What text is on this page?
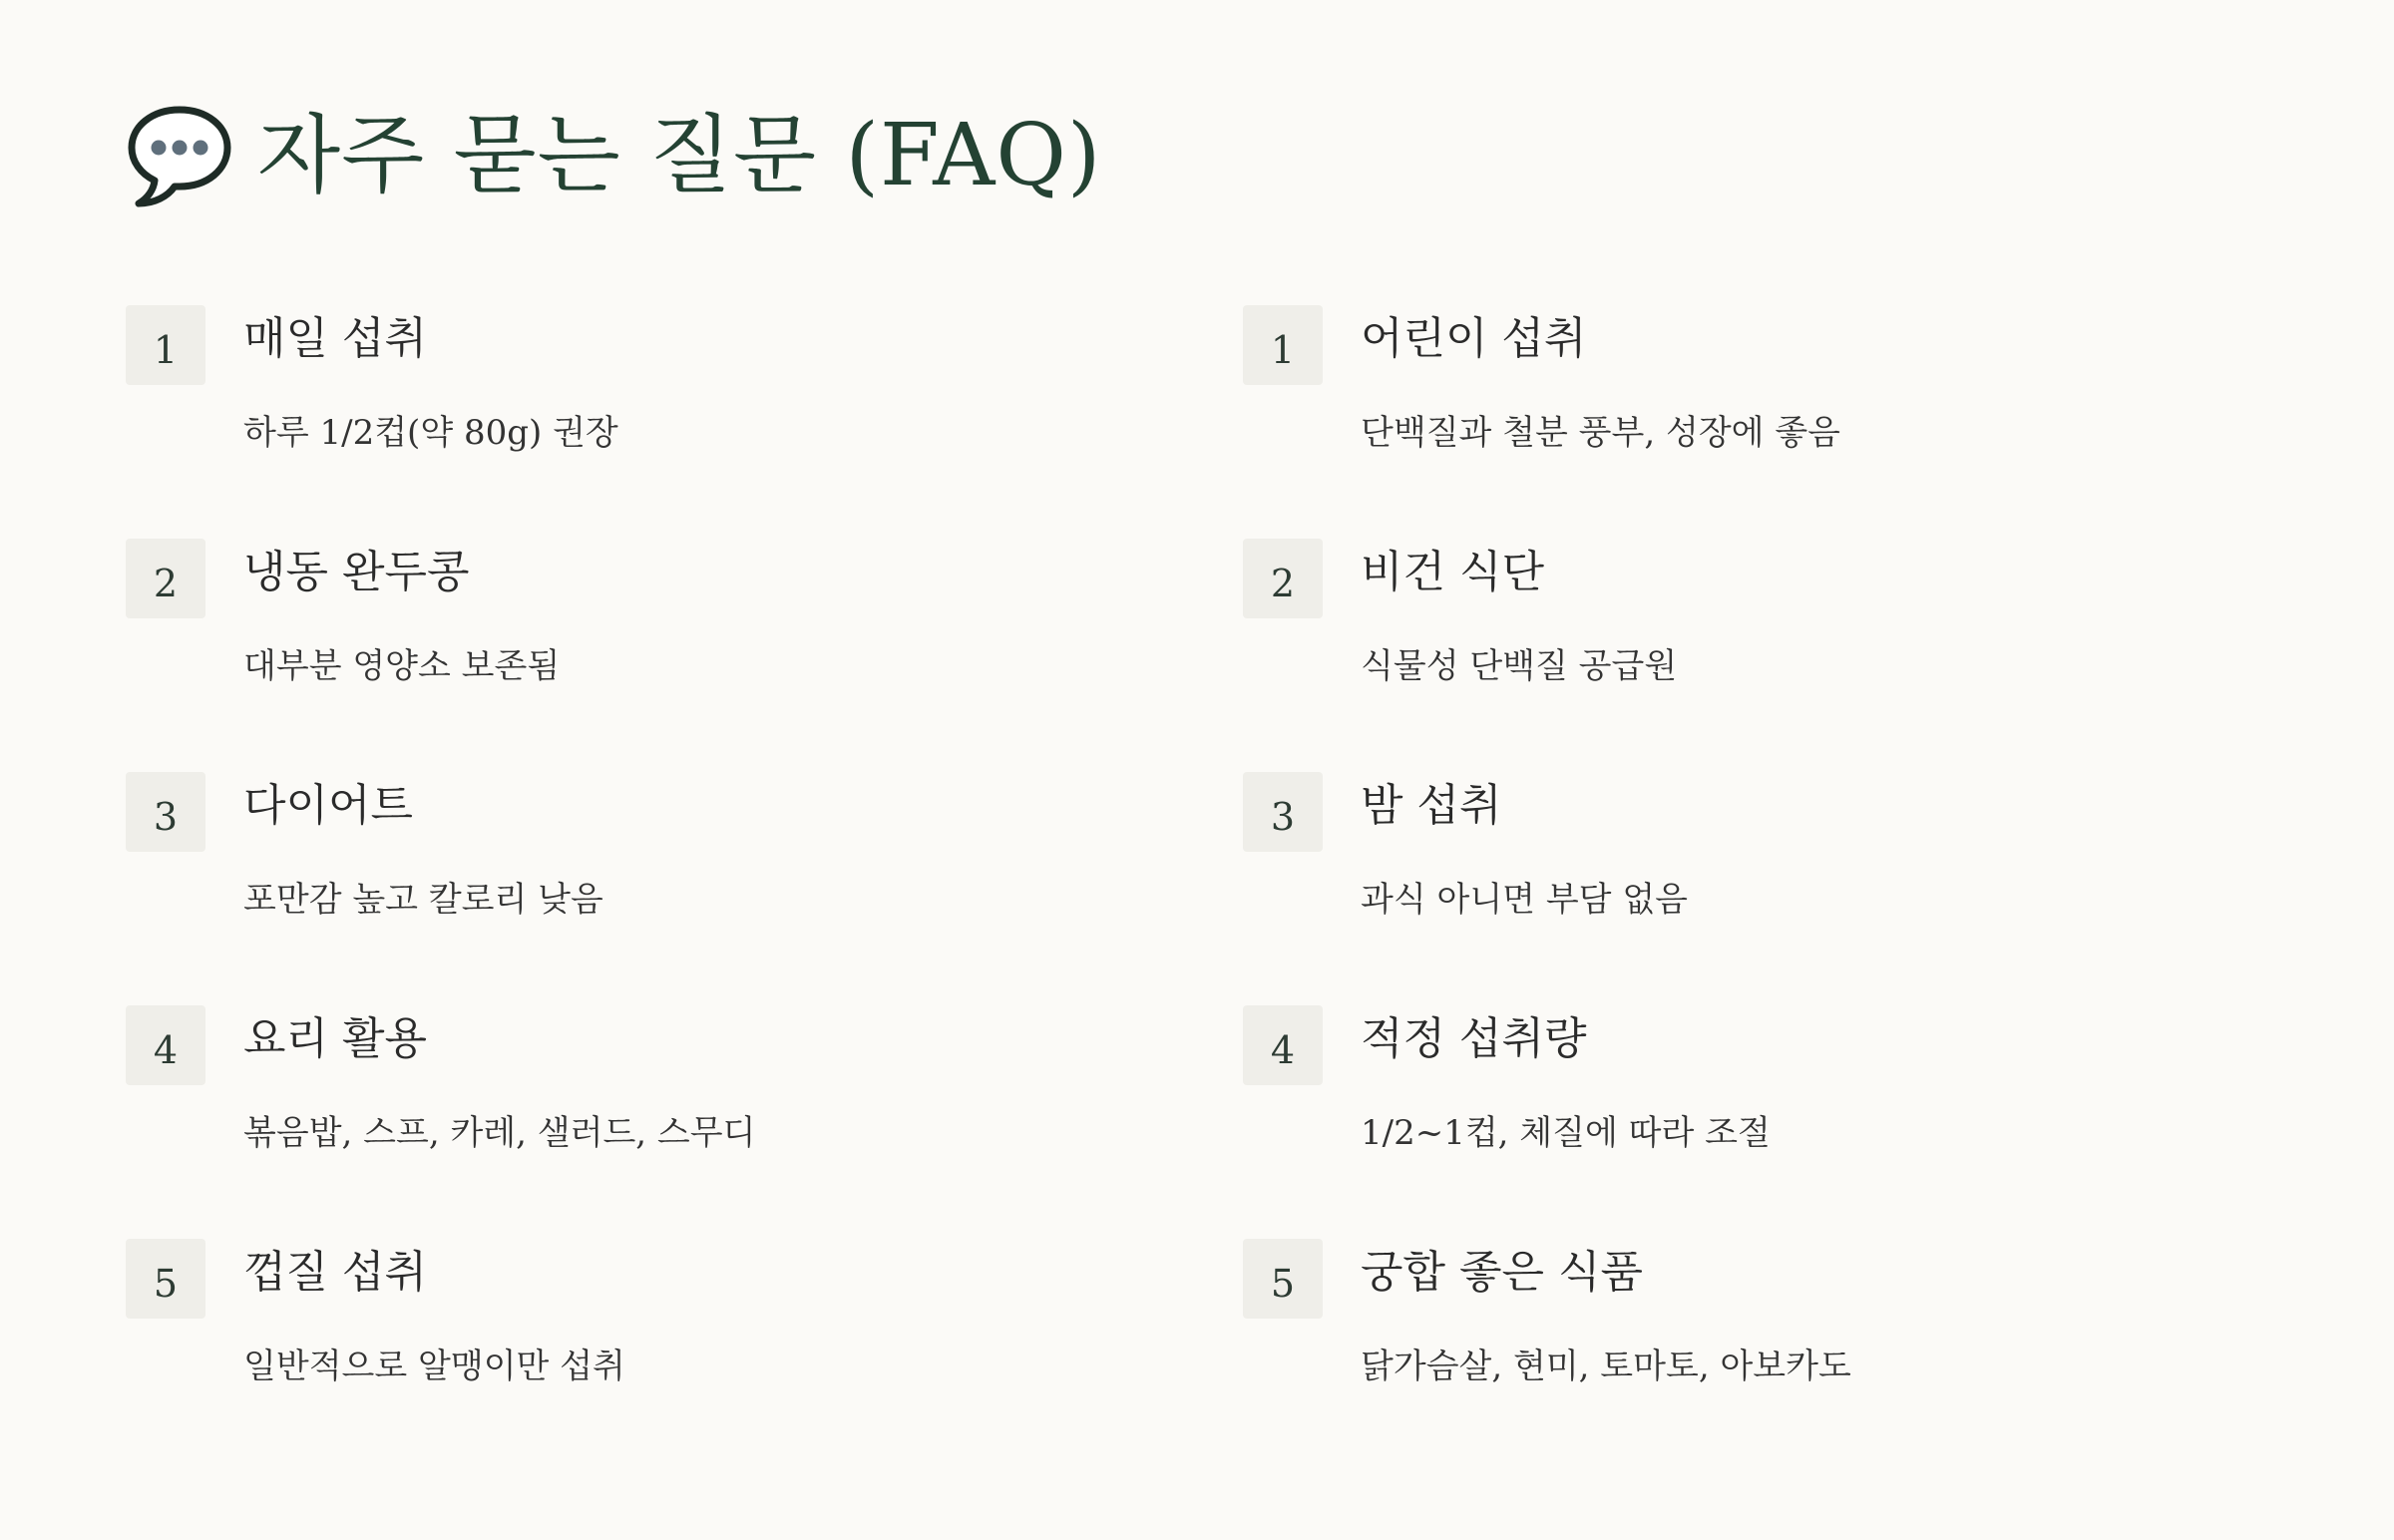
자주 묻는 질문 (FAQ)
1	매일 섭취
하루 1/2컵(약 80g) 권장
2	냉동 완두콩
대부분 영양소 보존됨
3	다이어트
포만감 높고 칼로리 낮음
4	요리 활용
볶음밥, 스프, 카레, 샐러드, 스무디
5	껍질 섭취
일반적으로 알맹이만 섭취
1	어린이 섭취
단백질과 철분 풍부, 성장에 좋음
2	비건 식단
식물성 단백질 공급원
3	밤 섭취
과식 아니면 부담 없음
4	적정 섭취량
1/2~1컵, 체질에 따라 조절
5	궁합 좋은 식품
닭가슴살, 현미, 토마토, 아보카도
